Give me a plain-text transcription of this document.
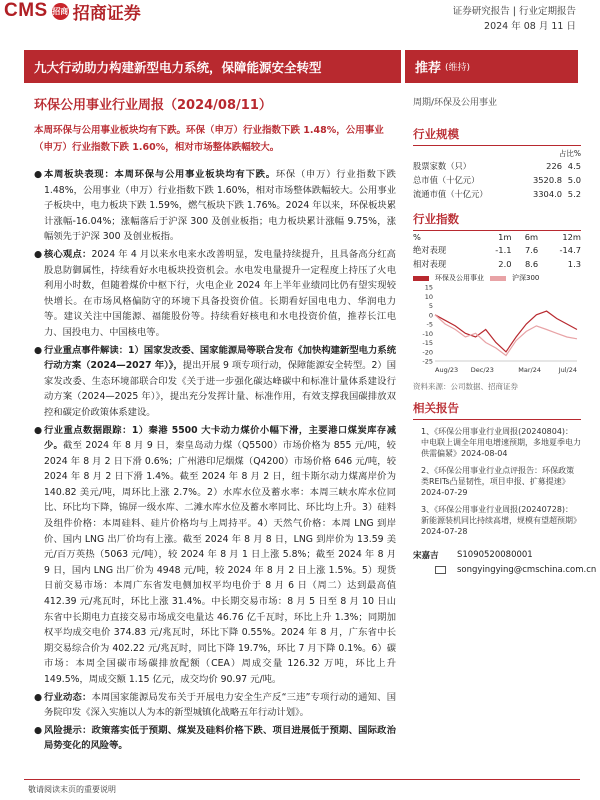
CMS 招商 招商证券	证券研究报告 | 行业定期报告
2024 年 08 月 11 日
九大行动助力构建新型电力系统，保障能源安全转型	推荐 (维持)
环保公用事业行业周报（2024/08/11）
本周环保与公用事业板块均有下跌。环保（申万）行业指数下跌 1.48%，公用事业（申万）行业指数下跌 1.60%，相对市场整体跌幅较大。
● 本周板块表现：本周环保与公用事业板块均有下跌。环保（申万）行业指数下跌 1.48%，公用事业（申万）行业指数下跌 1.60%，相对市场整体跌幅较大。公用事业子板块中，电力板块下跌 1.59%，燃气板块下跌 1.76%。2024 年以来，环保板块累计涨幅-16.04%；涨幅落后于沪深 300 及创业板指；电力板块累计涨幅 9.75%，涨幅领先于沪深 300 及创业板指。
● 核心观点：2024 年 4 月以来水电来水改善明显，发电量持续提升，且具备高分红高股息防御属性，持续看好水电板块投资机会。水电发电量提升一定程度上持压了火电利用小时数，但随着煤价中枢下行，火电企业 2024 年上半年业绩同比仍有望实现较快增长。在市场风格偏防守的环境下具备投资价值。长期看好国电电力、华润电力等。建议关注中国能源、福能股份等。持续看好核电和水电投资价值，推荐长江电力、国投电力、中国核电等。
● 行业重点事件解读：1）国家发改委、国家能源局等联合发布《加快构建新型电力系统行动方案（2024—2027 年）》，提出开展 9 项专项行动，保障能源安全转型。2）国家发改委、生态环境部联合印发《关于进一步强化碳达峰碳中和标准计量体系建设行动方案（2024—2025 年）》，提出充分发挥计量、标准作用，有效支撑我国碳排放双控和碳定价政策体系建设。
● 行业重点数据跟踪：1）秦港 5500 大卡动力煤价小幅下滑，主要港口煤炭库存减少。截至 2024 年 8 月 9 日，秦皇岛动力煤（Q5500）市场价格为 855 元/吨，较 2024 年 8 月 2 日下滑 0.6%；广州港印尼烟煤（Q4200）市场价格 646 元/吨，较 2024 年 8 月 2 日下滑 1.4%。截至 2024 年 8 月 2 日，纽卡斯尔动力煤离岸价为 140.82 美元/吨，周环比上涨 2.7%。2）水库水位及蓄水率：本周三峡水库水位同比、环比均下降，锦屏一级水库、二滩水库水位及蓄水率同比、环比均上升。3）硅料及组件价格：本周硅料、硅片价格均与上周持平。4）天然气价格：本周 LNG 到岸价、国内 LNG 出厂价均有上涨。截至 2024 年 8 月 8 日，LNG 到岸价为 13.59 美元/百万英热（5063 元/吨），较 2024 年 8 月 1 日上涨 5.8%；截至 2024 年 8 月 9 日，国内 LNG 出厂价为 4948 元/吨，较 2024 年 8 月 2 日上涨 1.5%。5）现货日前交易市场：本周广东省发电侧加权平均电价于 8 月 6 日（周二）达到最高值 412.39 元/兆瓦时，环比上涨 31.4%。中长期交易市场：8 月 5 日至 8 月 10 日山东省中长期电力直接交易市场成交电量达 46.76 亿千瓦时，环比上升 1.3%；同期加权平均成交电价 374.83 元/兆瓦时，环比下降 0.55%。2024 年 8 月，广东省中长期交易综合价为 402.22 元/兆瓦时，同比下降 19.7%，环比 7 月下降 0.1%。6）碳市场：本周全国碳市场碳排放配额（CEA）周成交量 126.32 万吨，环比上升 149.5%，周成交额 1.15 亿元，成交均价 90.97 元/吨。
● 行业动态：本周国家能源局发布关于开展电力安全生产反“三违”专项行动的通知、国务院印发《深入实施以人为本的新型城镇化战略五年行动计划》。
● 风险提示：政策落实低于预期、煤炭及硅料价格下跌、项目进展低于预期、国际政治局势变化的风险等。
周期/环保及公用事业
行业规模
占比%
股票家数（只）	226	4.5
总市值（十亿元）	3520.8	5.0
流通市值（十亿元）	3304.0	5.2
行业指数
%	1m	6m	12m
绝对表现	-1.1	7.6	-14.7
相对表现	2.0	8.6	1.3
环保及公用事业	沪深300
15
10
5
0
-5
-10
-15
-20
-25
Aug/23 Dec/23	Mar/24	Jul/24
资料来源：公司数据、招商证券
相关报告
1、《环保公用事业行业周报(20240804)：中电联上调全年用电增速预期，多地夏季电力供需偏紧》2024-08-04
2、《环保公用事业行业点评报告：环保政策类REITs凸显韧性，项目申报、扩募提速》2024-07-29
3、《环保公用事业行业周报(20240728)：新能源装机同比持续高增，规模有望超预期》2024-07-28
宋嘉吉	S1090520080001
songyingying@cmschina.com.cn
敬请阅读末页的重要说明
